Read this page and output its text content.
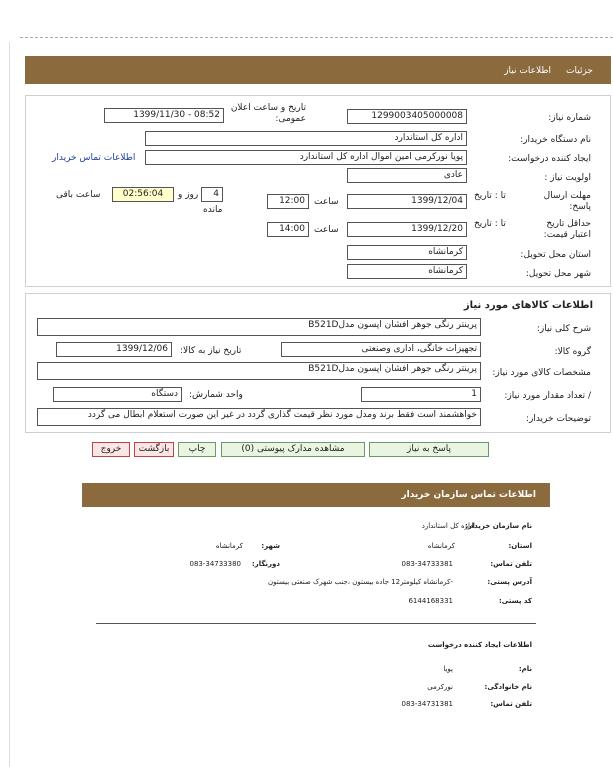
جزئیات
اطلاعات نیاز
شماره نیاز:
1299003405000008
تاریخ و ساعت اعلان عمومی:
1399/11/30 - 08:52
نام دستگاه خریدار:
اداره کل استاندارد
ایجاد کننده درخواست:
پویا نورکرمی امین اموال اداره کل استاندارد
اطلاعات تماس خریدار
اولویت نیاز :
عادی
مهلت ارسال پاسخ:
تا : تاریخ
1399/12/04
ساعت
12:00
4
روز و
02:56:04
ساعت باقی
مانده
حداقل تاریخ اعتبار قیمت:
تا : تاریخ
1399/12/20
ساعت
14:00
استان محل تحویل:
کرمانشاه
شهر محل تحویل:
کرمانشاه
اطلاعات کالاهای مورد نیاز
شرح کلی نیاز:
پرینتر رنگی جوهر افشان اپسون مدلB521D
گروه کالا:
تجهیزات خانگی، اداری وصنعتی
تاریخ نیاز به کالا:
1399/12/06
مشخصات کالای مورد نیاز:
پرینتر رنگی جوهر افشان اپسون مدلB521D
/ تعداد مقدار مورد نیاز:
1
واحد شمارش:
دستگاه
توضیحات خریدار:
خواهشمند است فقط برند ومدل مورد نظر قیمت گذاری گردد در غیر این صورت استعلام ابطال می گردد
پاسخ به نیاز
مشاهده مدارک پیوستی (0)
چاپ
بازگشت
خروج
اطلاعات تماس سازمان خریدار
نام سازمان خریدار:
اداره کل استاندارد
استان:
کرمانشاه
شهر:
کرمانشاه
تلفن تماس:
083-34733381
دورنگار:
083-34733380
آدرس پستی:
-کرمانشاه کیلومتر12 جاده بیستون ،جنب شهرک صنعتی بیستون
کد پستی:
6144168331
اطلاعات ایجاد کننده درخواست
نام:
پویا
نام خانوادگی:
نورکرمی
تلفن تماس:
083-34731381
